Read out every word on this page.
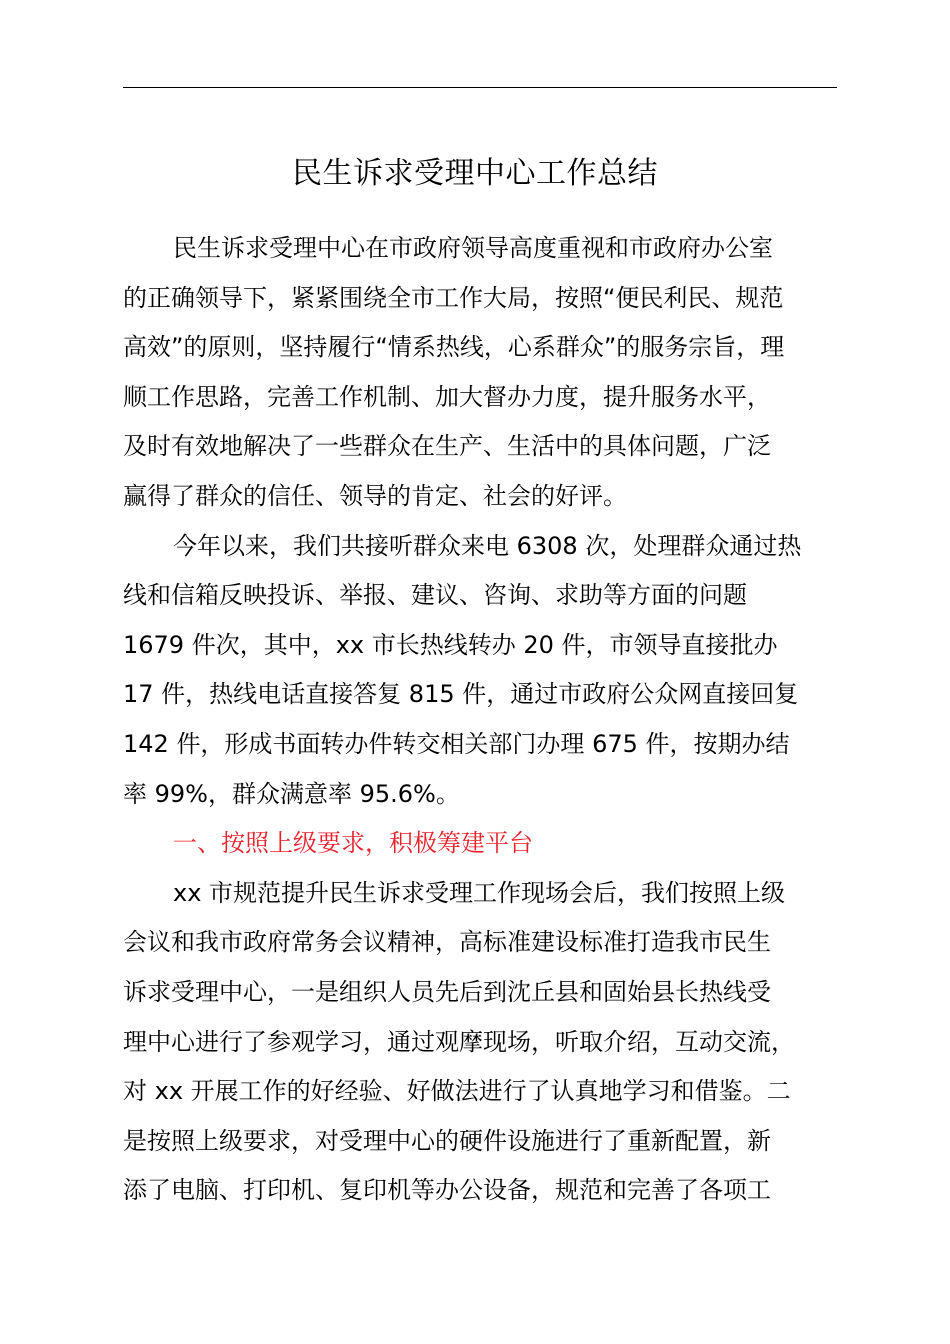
民生诉求受理中心工作总结
民生诉求受理中心在市政府领导高度重视和市政府办公室
的正确领导下，紧紧围绕全市工作大局，按照“便民利民、规范
高效”的原则，坚持履行“情系热线，心系群众”的服务宗旨，理
顺工作思路，完善工作机制、加大督办力度，提升服务水平，
及时有效地解决了一些群众在生产、生活中的具体问题，广泛
赢得了群众的信任、领导的肯定、社会的好评。
今年以来，我们共接听群众来电 6308 次，处理群众通过热
线和信箱反映投诉、举报、建议、咨询、求助等方面的问题
1679 件次，其中，xx 市长热线转办 20 件，市领导直接批办
17 件，热线电话直接答复 815 件，通过市政府公众网直接回复
142 件，形成书面转办件转交相关部门办理 675 件，按期办结
率 99%，群众满意率 95.6%。
一、按照上级要求，积极筹建平台
xx 市规范提升民生诉求受理工作现场会后，我们按照上级
会议和我市政府常务会议精神，高标准建设标准打造我市民生
诉求受理中心，一是组织人员先后到沈丘县和固始县长热线受
理中心进行了参观学习，通过观摩现场，听取介绍，互动交流，
对 xx 开展工作的好经验、好做法进行了认真地学习和借鉴。二
是按照上级要求，对受理中心的硬件设施进行了重新配置，新
添了电脑、打印机、复印机等办公设备，规范和完善了各项工
